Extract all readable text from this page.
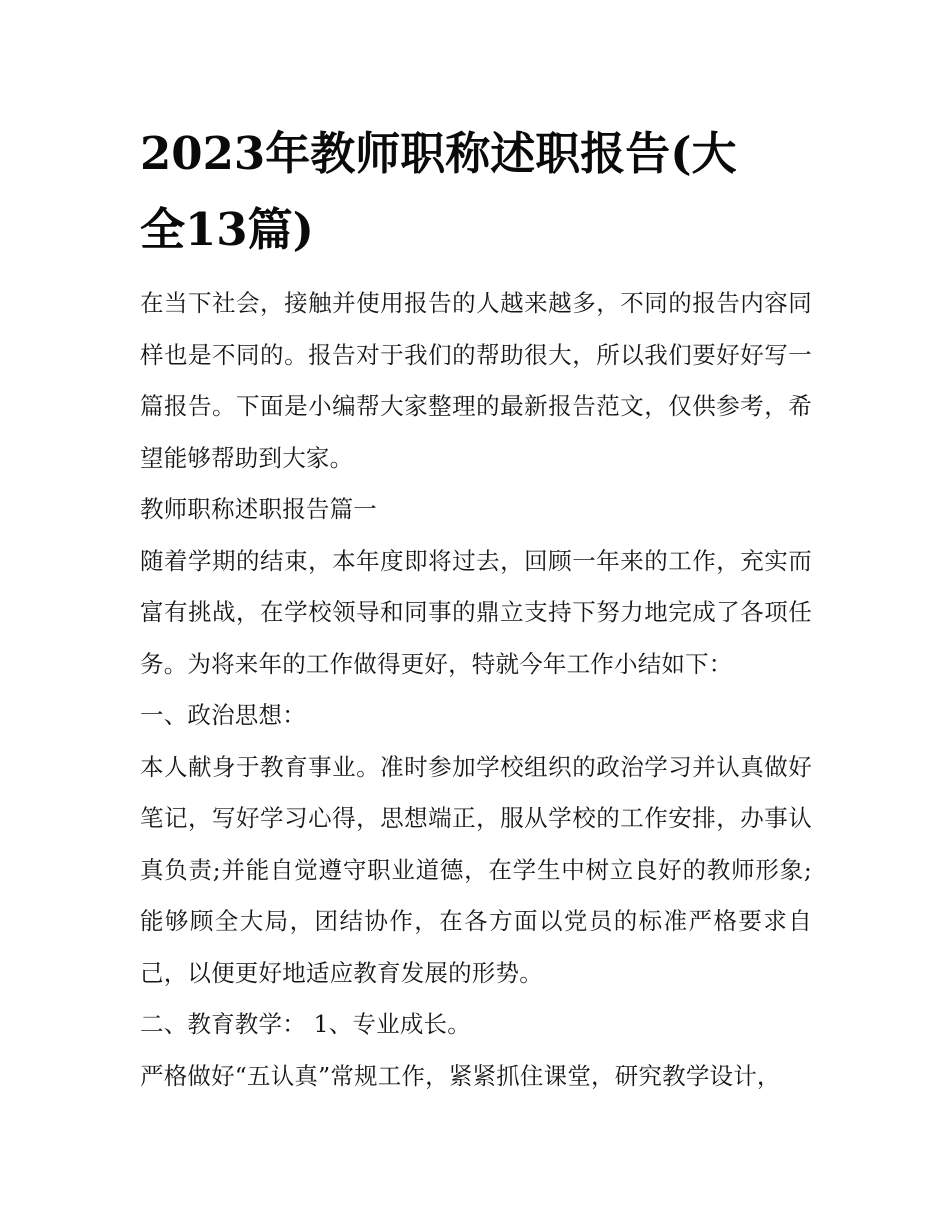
2023年教师职称述职报告(大
全13篇)

在当下社会，接触并使用报告的人越来越多，不同的报告内容同样也是不同的。报告对于我们的帮助很大，所以我们要好好写一篇报告。下面是小编帮大家整理的最新报告范文，仅供参考，希望能够帮助到大家。

教师职称述职报告篇一

随着学期的结束，本年度即将过去，回顾一年来的工作，充实而富有挑战，在学校领导和同事的鼎立支持下努力地完成了各项任务。为将来年的工作做得更好，特就今年工作小结如下：

一、政治思想：

本人献身于教育事业。准时参加学校组织的政治学习并认真做好笔记，写好学习心得，思想端正，服从学校的工作安排，办事认真负责;并能自觉遵守职业道德，在学生中树立良好的教师形象;能够顾全大局，团结协作，在各方面以党员的标准严格要求自己，以便更好地适应教育发展的形势。

二、教育教学： 1、专业成长。

严格做好“五认真”常规工作，紧紧抓住课堂，研究教学设计，
